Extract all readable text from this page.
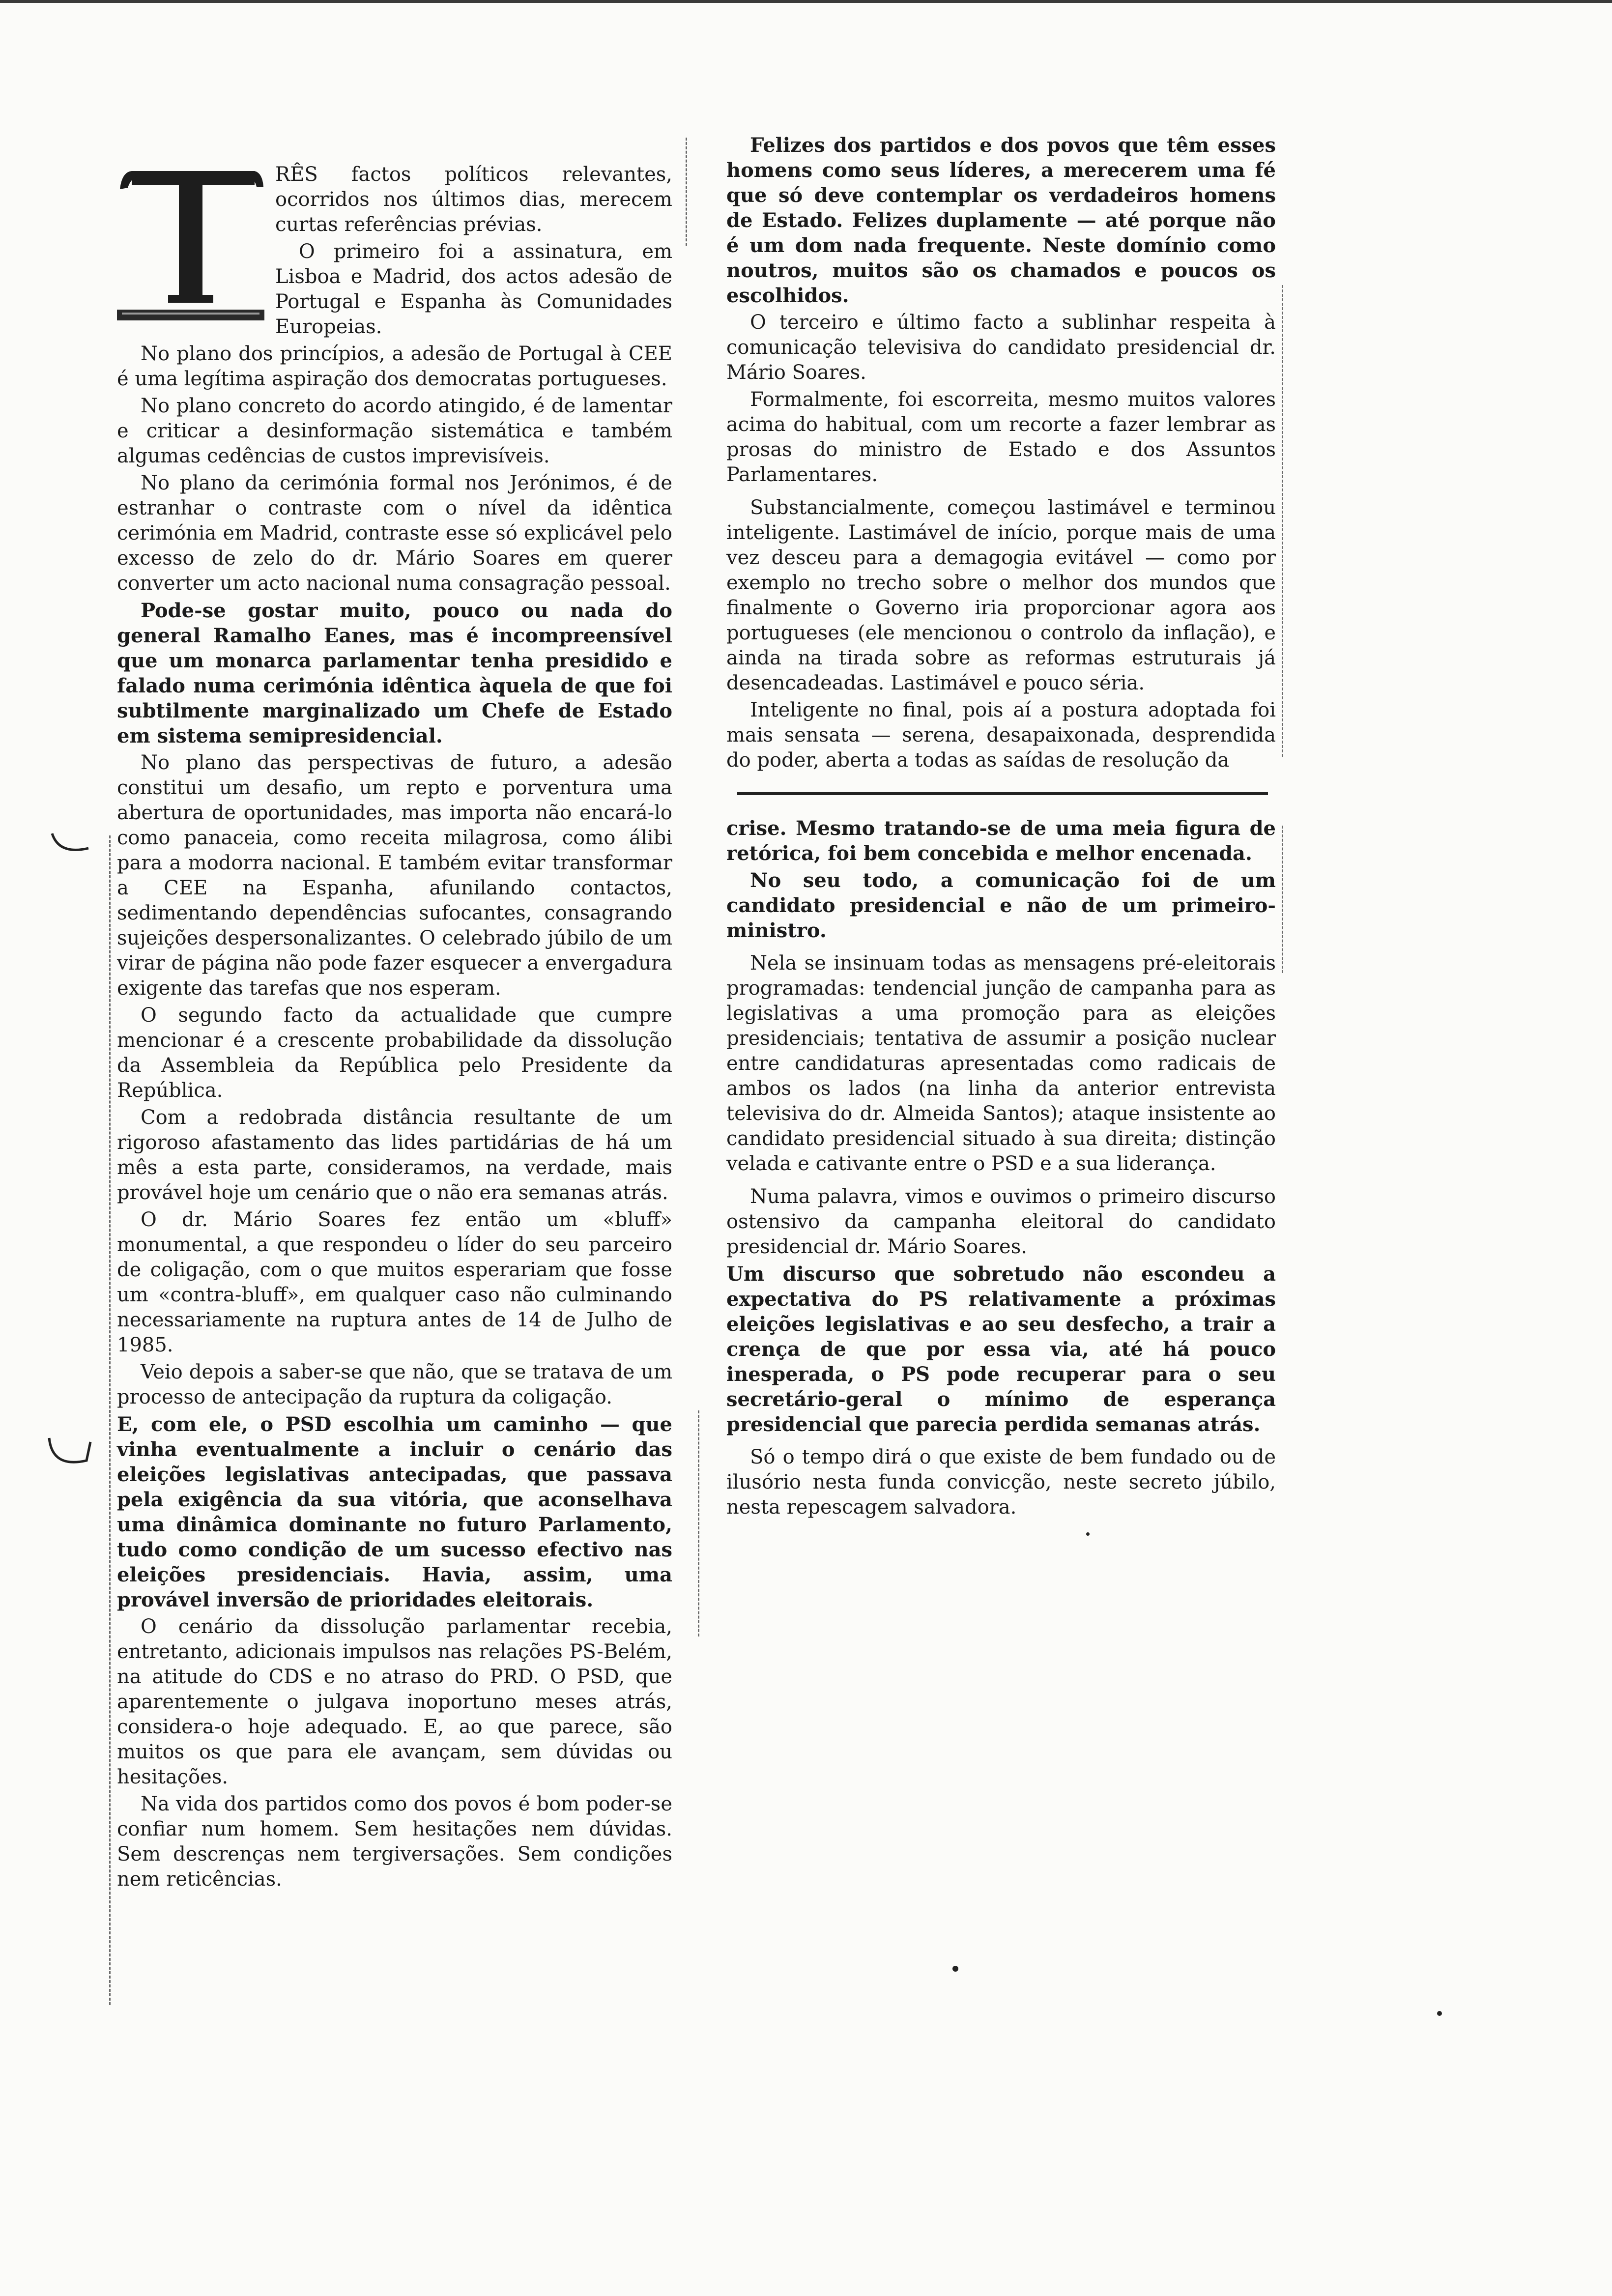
RÊS factos políticos relevantes, ocorridos nos últimos dias, merecem curtas referências prévias.

O primeiro foi a assinatura, em Lisboa e Madrid, dos actos adesão de Portugal e Espanha às Comunidades Europeias.

No plano dos princípios, a adesão de Portugal à CEE é uma legítima aspiração dos democratas portugueses.

No plano concreto do acordo atingido, é de lamentar e criticar a desinformação sistemática e também algumas cedências de custos imprevisíveis.

No plano da cerimónia formal nos Jerónimos, é de estranhar o contraste com o nível da idêntica cerimónia em Madrid, contraste esse só explicável pelo excesso de zelo do dr. Mário Soares em querer converter um acto nacional numa consagração pessoal.

Pode-se gostar muito, pouco ou nada do general Ramalho Eanes, mas é incompreensível que um monarca parlamentar tenha presidido e falado numa cerimónia idêntica àquela de que foi subtilmente marginalizado um Chefe de Estado em sistema semipresidencial.

No plano das perspectivas de futuro, a adesão constitui um desafio, um repto e porventura uma abertura de oportunidades, mas importa não encará-lo como panaceia, como receita milagrosa, como álibi para a modorra nacional. E também evitar transformar a CEE na Espanha, afunilando contactos, sedimentando dependências sufocantes, consagrando sujeições despersonalizantes. O celebrado júbilo de um virar de página não pode fazer esquecer a envergadura exigente das tarefas que nos esperam.

O segundo facto da actualidade que cumpre mencionar é a crescente probabilidade da dissolução da Assembleia da República pelo Presidente da República.

Com a redobrada distância resultante de um rigoroso afastamento das lides partidárias de há um mês a esta parte, consideramos, na verdade, mais provável hoje um cenário que o não era semanas atrás.

O dr. Mário Soares fez então um «bluff» monumental, a que respondeu o líder do seu parceiro de coligação, com o que muitos esperariam que fosse um «contra-bluff», em qualquer caso não culminando necessariamente na ruptura antes de 14 de Julho de 1985.

Veio depois a saber-se que não, que se tratava de um processo de antecipação da ruptura da coligação.

E, com ele, o PSD escolhia um caminho — que vinha eventualmente a incluir o cenário das eleições legislativas antecipadas, que passava pela exigência da sua vitória, que aconselhava uma dinâmica dominante no futuro Parlamento, tudo como condição de um sucesso efectivo nas eleições presidenciais. Havia, assim, uma provável inversão de prioridades eleitorais.

O cenário da dissolução parlamentar recebia, entretanto, adicionais impulsos nas relações PS-Belém, na atitude do CDS e no atraso do PRD. O PSD, que aparentemente o julgava inoportuno meses atrás, considera-o hoje adequado. E, ao que parece, são muitos os que para ele avançam, sem dúvidas ou hesitações.

Na vida dos partidos como dos povos é bom poder-se confiar num homem. Sem hesitações nem dúvidas. Sem descrenças nem tergiversações. Sem condições nem reticências.

Felizes dos partidos e dos povos que têm esses homens como seus líderes, a merecerem uma fé que só deve contemplar os verdadeiros homens de Estado. Felizes duplamente — até porque não é um dom nada frequente. Neste domínio como noutros, muitos são os chamados e poucos os escolhidos.

O terceiro e último facto a sublinhar respeita à comunicação televisiva do candidato presidencial dr. Mário Soares.

Formalmente, foi escorreita, mesmo muitos valores acima do habitual, com um recorte a fazer lembrar as prosas do ministro de Estado e dos Assuntos Parlamentares.

Substancialmente, começou lastimável e terminou inteligente. Lastimável de início, porque mais de uma vez desceu para a demagogia evitável — como por exemplo no trecho sobre o melhor dos mundos que finalmente o Governo iria proporcionar agora aos portugueses (ele mencionou o controlo da inflação), e ainda na tirada sobre as reformas estruturais já desencadeadas. Lastimável e pouco séria.

Inteligente no final, pois aí a postura adoptada foi mais sensata — serena, desapaixonada, desprendida do poder, aberta a todas as saídas de resolução da

crise. Mesmo tratando-se de uma meia figura de retórica, foi bem concebida e melhor encenada.

No seu todo, a comunicação foi de um candidato presidencial e não de um primeiro-ministro.

Nela se insinuam todas as mensagens pré-eleitorais programadas: tendencial junção de campanha para as legislativas a uma promoção para as eleições presidenciais; tentativa de assumir a posição nuclear entre candidaturas apresentadas como radicais de ambos os lados (na linha da anterior entrevista televisiva do dr. Almeida Santos); ataque insistente ao candidato presidencial situado à sua direita; distinção velada e cativante entre o PSD e a sua liderança.

Numa palavra, vimos e ouvimos o primeiro discurso ostensivo da campanha eleitoral do candidato presidencial dr. Mário Soares.

Um discurso que sobretudo não escondeu a expectativa do PS relativamente a próximas eleições legislativas e ao seu desfecho, a trair a crença de que por essa via, até há pouco inesperada, o PS pode recuperar para o seu secretário-geral o mínimo de esperança presidencial que parecia perdida semanas atrás.

Só o tempo dirá o que existe de bem fundado ou de ilusório nesta funda convicção, neste secreto júbilo, nesta repescagem salvadora.
